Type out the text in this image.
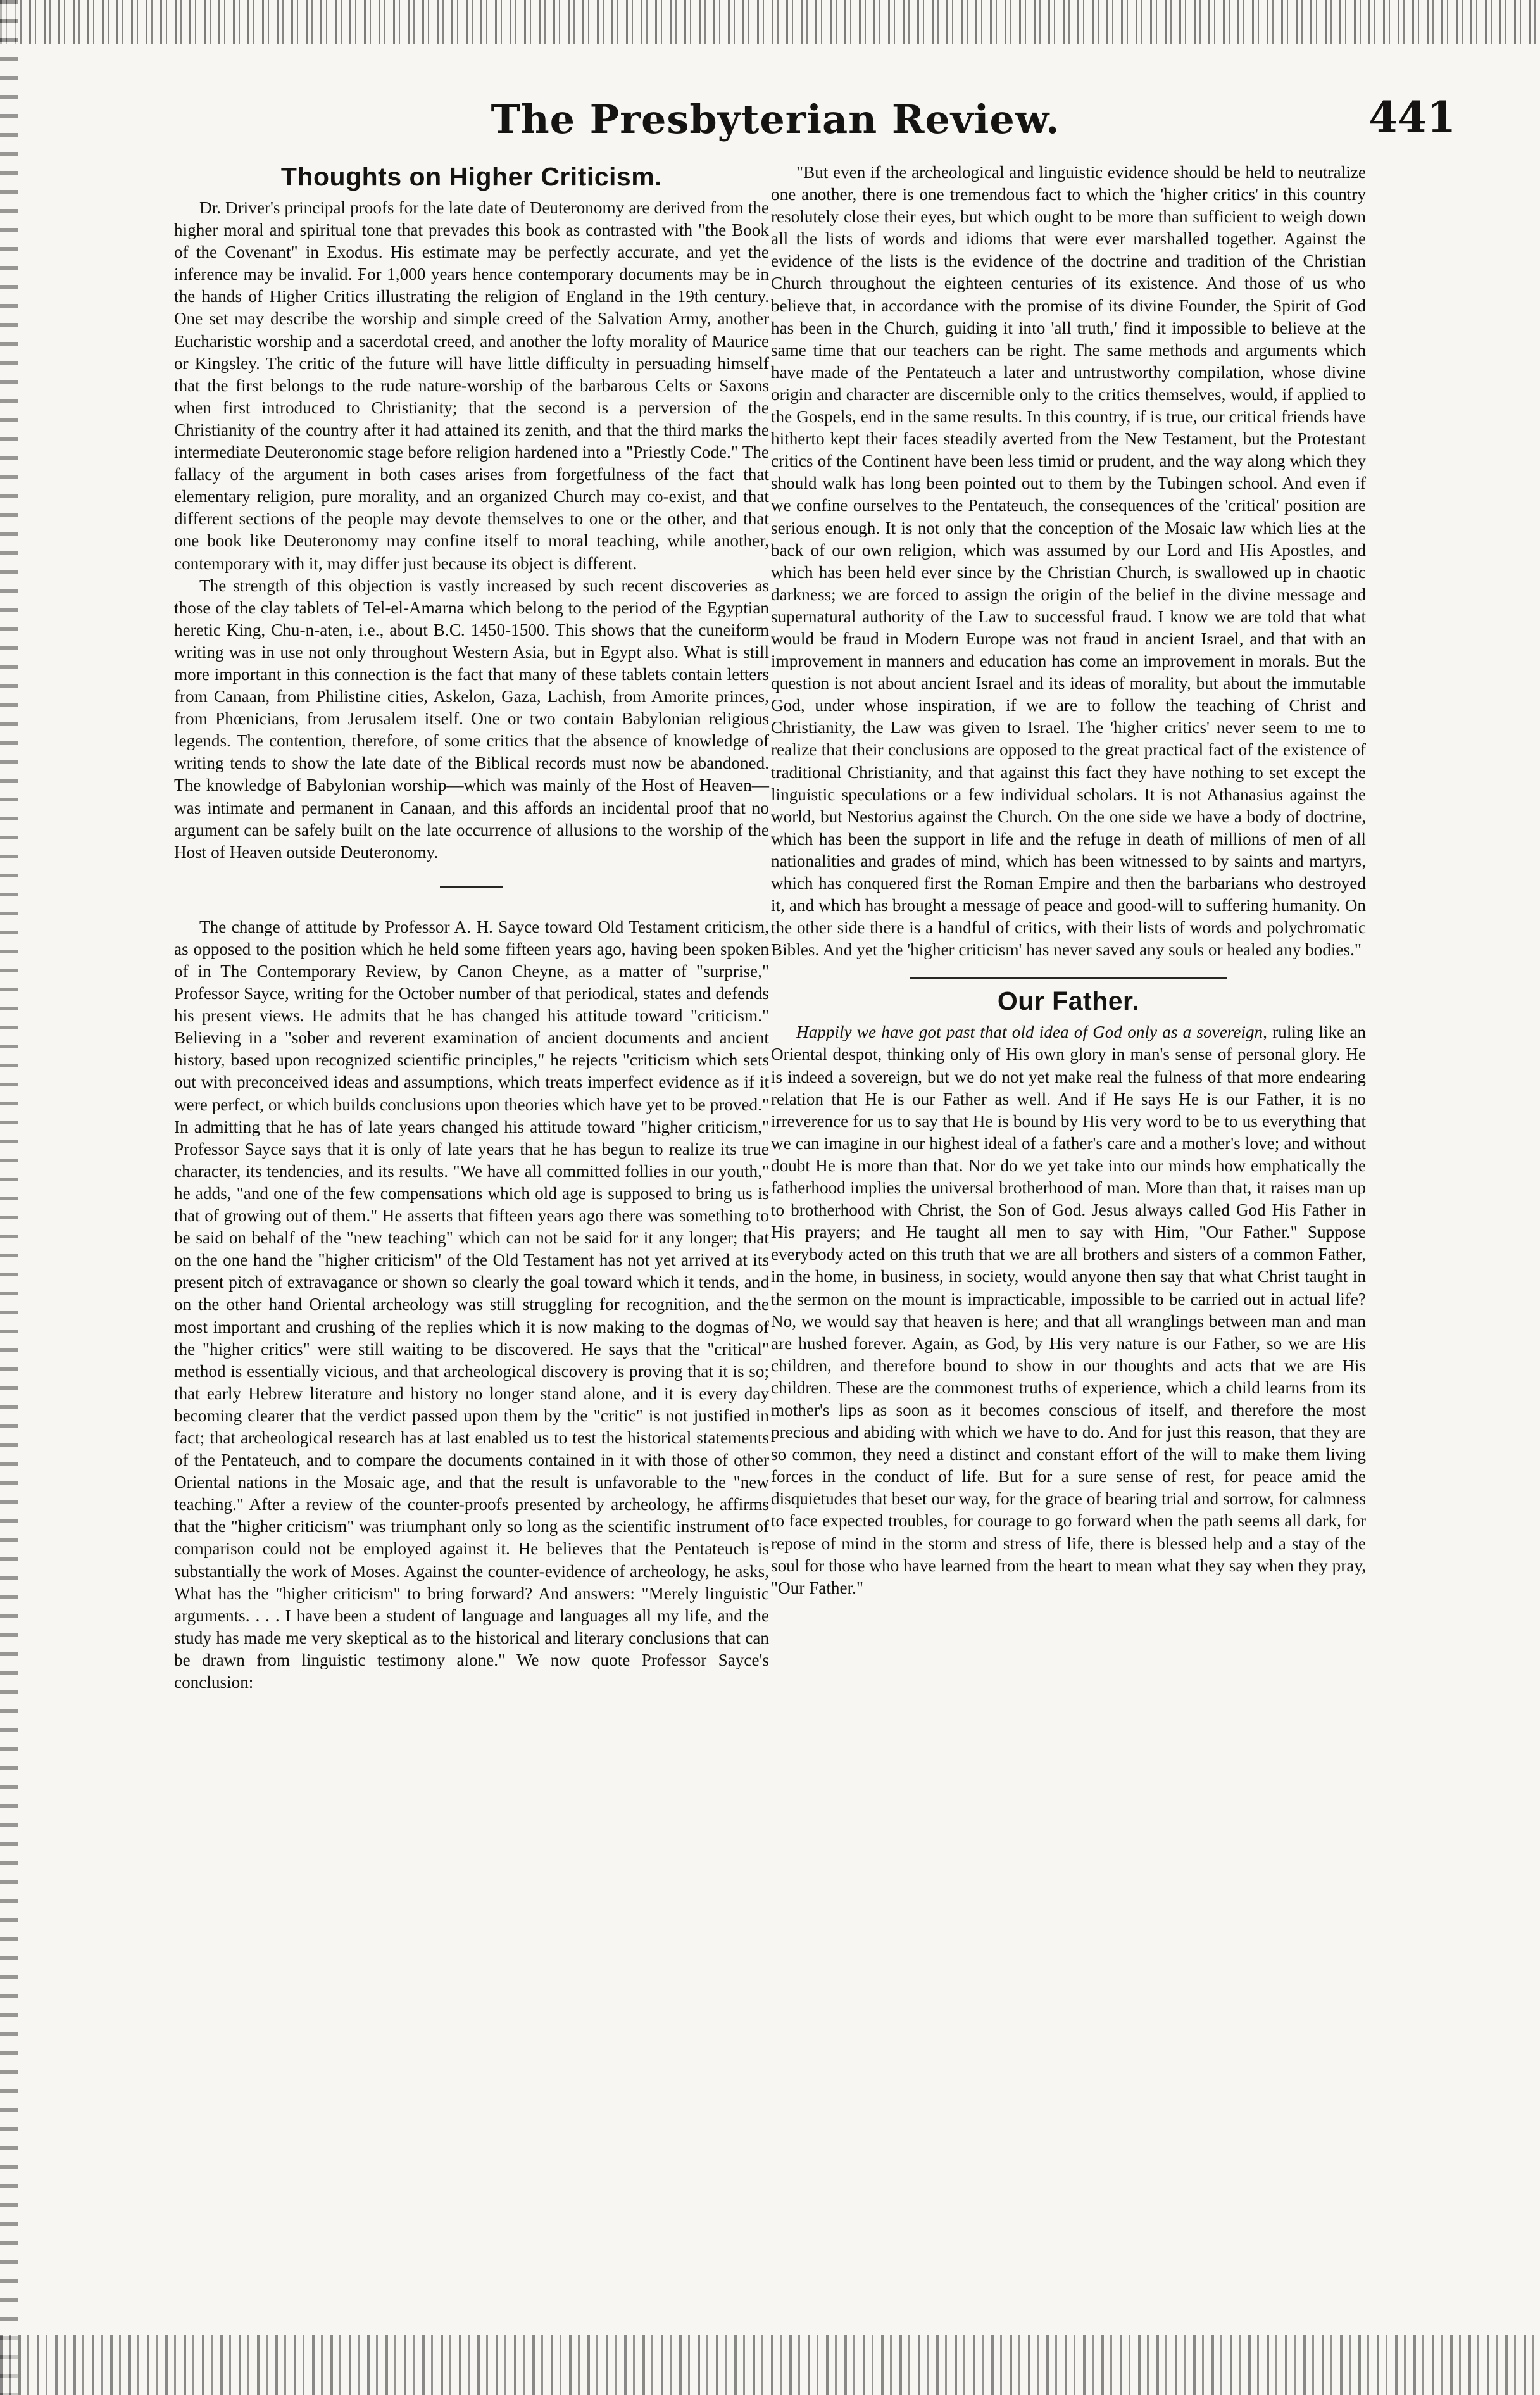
The Presbyterian Review.	441
Thoughts on Higher Criticism.

Dr. Driver's principal proofs for the late date of Deuteronomy are derived from the higher moral and spiritual tone that prevades this book as contrasted with "the Book of the Covenant" in Exodus. His estimate may be perfectly accurate, and yet the inference may be invalid. For 1,000 years hence contemporary documents may be in the hands of Higher Critics illustrating the religion of England in the 19th century. One set may describe the worship and simple creed of the Salvation Army, another Eucharistic worship and a sacerdotal creed, and another the lofty morality of Maurice or Kingsley. The critic of the future will have little difficulty in persuading himself that the first belongs to the rude nature-worship of the barbarous Celts or Saxons when first introduced to Christianity; that the second is a perversion of the Christianity of the country after it had attained its zenith, and that the third marks the intermediate Deuteronomic stage before religion hardened into a "Priestly Code." The fallacy of the argument in both cases arises from forgetfulness of the fact that elementary religion, pure morality, and an organized Church may co-exist, and that different sections of the people may devote themselves to one or the other, and that one book like Deuteronomy may confine itself to moral teaching, while another, contemporary with it, may differ just because its object is different.

The strength of this objection is vastly increased by such recent discoveries as those of the clay tablets of Tel-el-Amarna which belong to the period of the Egyptian heretic King, Chu-n-aten, i.e., about B.C. 1450-1500. This shows that the cuneiform writing was in use not only throughout Western Asia, but in Egypt also. What is still more important in this connection is the fact that many of these tablets contain letters from Canaan, from Philistine cities, Askelon, Gaza, Lachish, from Amorite princes, from Phœnicians, from Jerusalem itself. One or two contain Babylonian religious legends. The contention, therefore, of some critics that the absence of knowledge of writing tends to show the late date of the Biblical records must now be abandoned. The knowledge of Babylonian worship—which was mainly of the Host of Heaven—was intimate and permanent in Canaan, and this affords an incidental proof that no argument can be safely built on the late occurrence of allusions to the worship of the Host of Heaven outside Deuteronomy.

The change of attitude by Professor A. H. Sayce toward Old Testament criticism, as opposed to the position which he held some fifteen years ago, having been spoken of in The Contemporary Review, by Canon Cheyne, as a matter of "surprise," Professor Sayce, writing for the October number of that periodical, states and defends his present views. He admits that he has changed his attitude toward "criticism." Believing in a "sober and reverent examination of ancient documents and ancient history, based upon recognized scientific principles," he rejects "criticism which sets out with preconceived ideas and assumptions, which treats imperfect evidence as if it were perfect, or which builds conclusions upon theories which have yet to be proved." In admitting that he has of late years changed his attitude toward "higher criticism," Professor Sayce says that it is only of late years that he has begun to realize its true character, its tendencies, and its results. "We have all committed follies in our youth," he adds, "and one of the few compensations which old age is supposed to bring us is that of growing out of them." He asserts that fifteen years ago there was something to be said on behalf of the "new teaching" which can not be said for it any longer; that on the one hand the "higher criticism" of the Old Testament has not yet arrived at its present pitch of extravagance or shown so clearly the goal toward which it tends, and on the other hand Oriental archeology was still struggling for recognition, and the most important and crushing of the replies which it is now making to the dogmas of the "higher critics" were still waiting to be discovered. He says that the "critical" method is essentially vicious, and that archeological discovery is proving that it is so; that early Hebrew literature and history no longer stand alone, and it is every day becoming clearer that the verdict passed upon them by the "critic" is not justified in fact; that archeological research has at last enabled us to test the historical statements of the Pentateuch, and to compare the documents contained in it with those of other Oriental nations in the Mosaic age, and that the result is unfavorable to the "new teaching." After a review of the counter-proofs presented by archeology, he affirms that the "higher criticism" was triumphant only so long as the scientific instrument of comparison could not be employed against it. He believes that the Pentateuch is substantially the work of Moses. Against the counter-evidence of archeology, he asks, What has the "higher criticism" to bring forward? And answers: "Merely linguistic arguments. . . . I have been a student of language and languages all my life, and the study has made me very skeptical as to the historical and literary conclusions that can be drawn from linguistic testimony alone." We now quote Professor Sayce's conclusion:

"But even if the archeological and linguistic evidence should be held to neutralize one another, there is one tremendous fact to which the 'higher critics' in this country resolutely close their eyes, but which ought to be more than sufficient to weigh down all the lists of words and idioms that were ever marshalled together. Against the evidence of the lists is the evidence of the doctrine and tradition of the Christian Church throughout the eighteen centuries of its existence. And those of us who believe that, in accordance with the promise of its divine Founder, the Spirit of God has been in the Church, guiding it into 'all truth,' find it impossible to believe at the same time that our teachers can be right. The same methods and arguments which have made of the Pentateuch a later and untrustworthy compilation, whose divine origin and character are discernible only to the critics themselves, would, if applied to the Gospels, end in the same results. In this country, if is true, our critical friends have hitherto kept their faces steadily averted from the New Testament, but the Protestant critics of the Continent have been less timid or prudent, and the way along which they should walk has long been pointed out to them by the Tubingen school. And even if we confine ourselves to the Pentateuch, the consequences of the 'critical' position are serious enough. It is not only that the conception of the Mosaic law which lies at the back of our own religion, which was assumed by our Lord and His Apostles, and which has been held ever since by the Christian Church, is swallowed up in chaotic darkness; we are forced to assign the origin of the belief in the divine message and supernatural authority of the Law to successful fraud. I know we are told that what would be fraud in Modern Europe was not fraud in ancient Israel, and that with an improvement in manners and education has come an improvement in morals. But the question is not about ancient Israel and its ideas of morality, but about the immutable God, under whose inspiration, if we are to follow the teaching of Christ and Christianity, the Law was given to Israel. The 'higher critics' never seem to me to realize that their conclusions are opposed to the great practical fact of the existence of traditional Christianity, and that against this fact they have nothing to set except the linguistic speculations or a few individual scholars. It is not Athanasius against the world, but Nestorius against the Church. On the one side we have a body of doctrine, which has been the support in life and the refuge in death of millions of men of all nationalities and grades of mind, which has been witnessed to by saints and martyrs, which has conquered first the Roman Empire and then the barbarians who destroyed it, and which has brought a message of peace and good-will to suffering humanity. On the other side there is a handful of critics, with their lists of words and polychromatic Bibles. And yet the 'higher criticism' has never saved any souls or healed any bodies."

Our Father.

Happily we have got past that old idea of God only as a sovereign, ruling like an Oriental despot, thinking only of His own glory in man's sense of personal glory. He is indeed a sovereign, but we do not yet make real the fulness of that more endearing relation that He is our Father as well. And if He says He is our Father, it is no irreverence for us to say that He is bound by His very word to be to us everything that we can imagine in our highest ideal of a father's care and a mother's love; and without doubt He is more than that. Nor do we yet take into our minds how emphatically the fatherhood implies the universal brotherhood of man. More than that, it raises man up to brotherhood with Christ, the Son of God. Jesus always called God His Father in His prayers; and He taught all men to say with Him, "Our Father." Suppose everybody acted on this truth that we are all brothers and sisters of a common Father, in the home, in business, in society, would anyone then say that what Christ taught in the sermon on the mount is impracticable, impossible to be carried out in actual life? No, we would say that heaven is here; and that all wranglings between man and man are hushed forever. Again, as God, by His very nature is our Father, so we are His children, and therefore bound to show in our thoughts and acts that we are His children. These are the commonest truths of experience, which a child learns from its mother's lips as soon as it becomes conscious of itself, and therefore the most precious and abiding with which we have to do. And for just this reason, that they are so common, they need a distinct and constant effort of the will to make them living forces in the conduct of life. But for a sure sense of rest, for peace amid the disquietudes that beset our way, for the grace of bearing trial and sorrow, for calmness to face expected troubles, for courage to go forward when the path seems all dark, for repose of mind in the storm and stress of life, there is blessed help and a stay of the soul for those who have learned from the heart to mean what they say when they pray, "Our Father."
